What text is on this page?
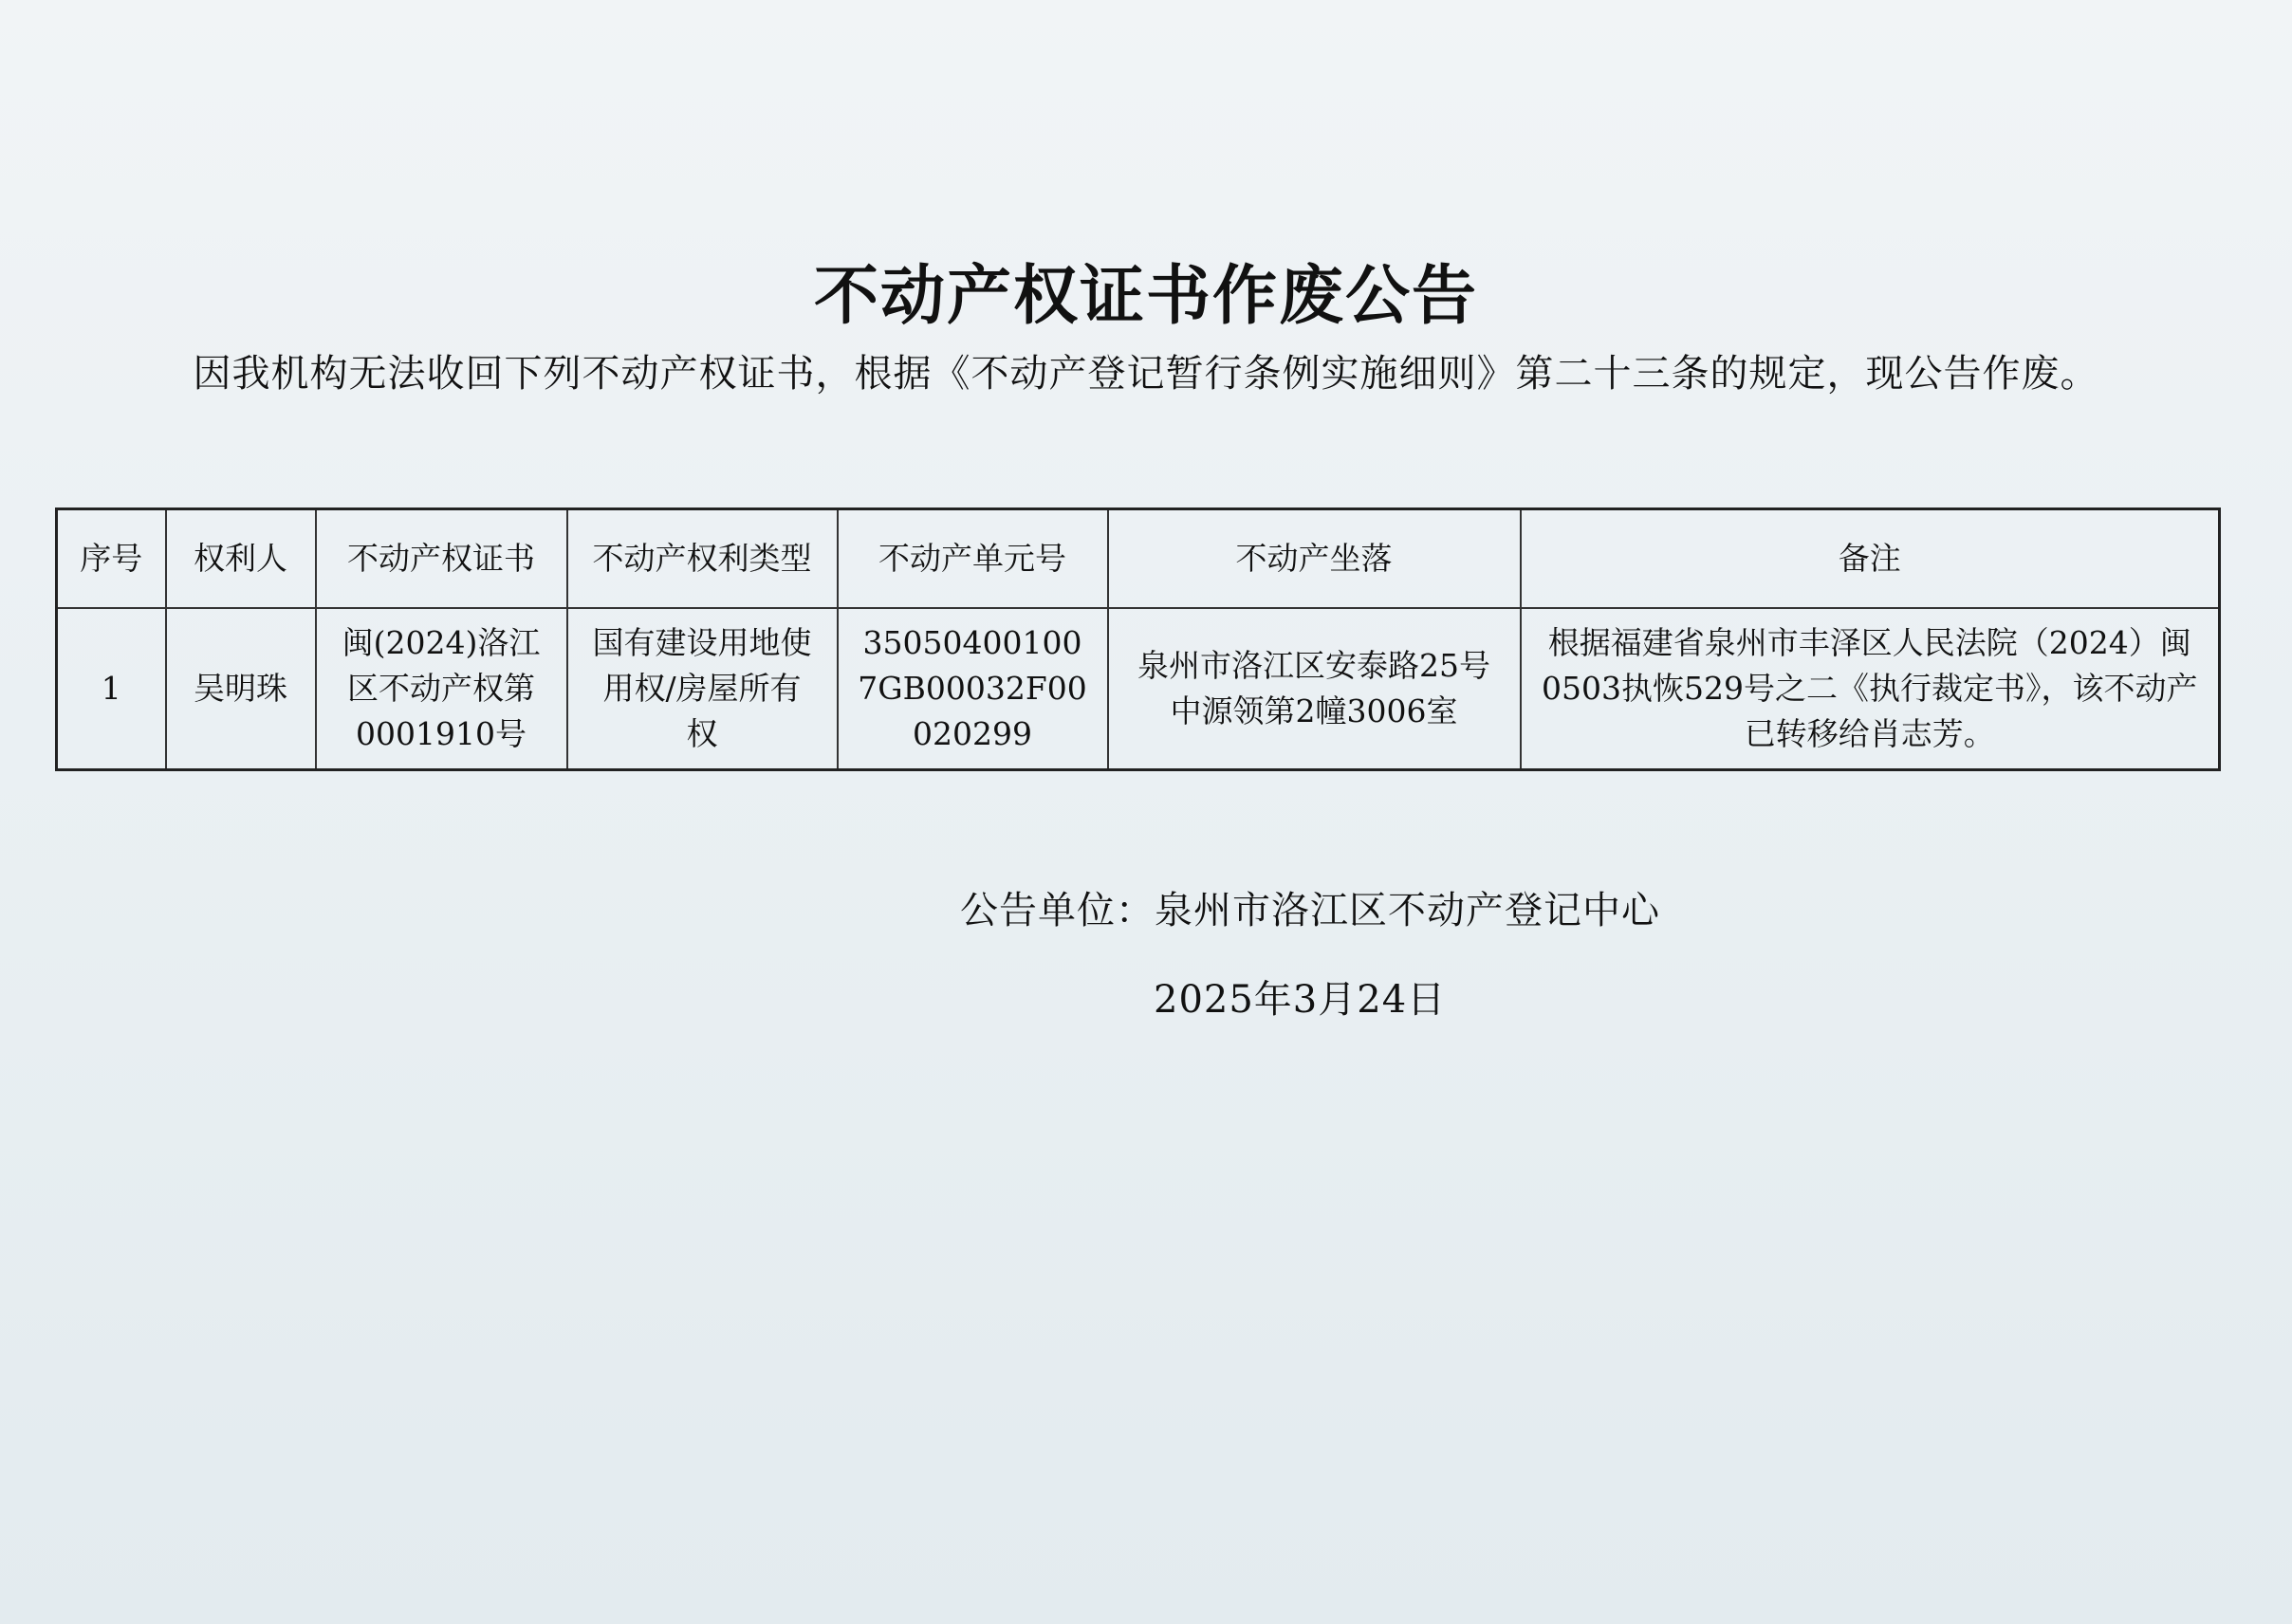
不动产权证书作废公告
因我机构无法收回下列不动产权证书，根据《不动产登记暂行条例实施细则》第二十三条的规定，现公告作废。
序号	权利人	不动产权证书	不动产权利类型	不动产单元号	不动产坐落	备注
1	吴明珠	闽(2024)洛江区不动产权第0001910号	国有建设用地使用权/房屋所有权	350504001007GB00032F00020299	泉州市洛江区安泰路25号中源领第2幢3006室	根据福建省泉州市丰泽区人民法院（2024）闽0503执恢529号之二《执行裁定书》，该不动产已转移给肖志芳。
公告单位：泉州市洛江区不动产登记中心
2025年3月24日
